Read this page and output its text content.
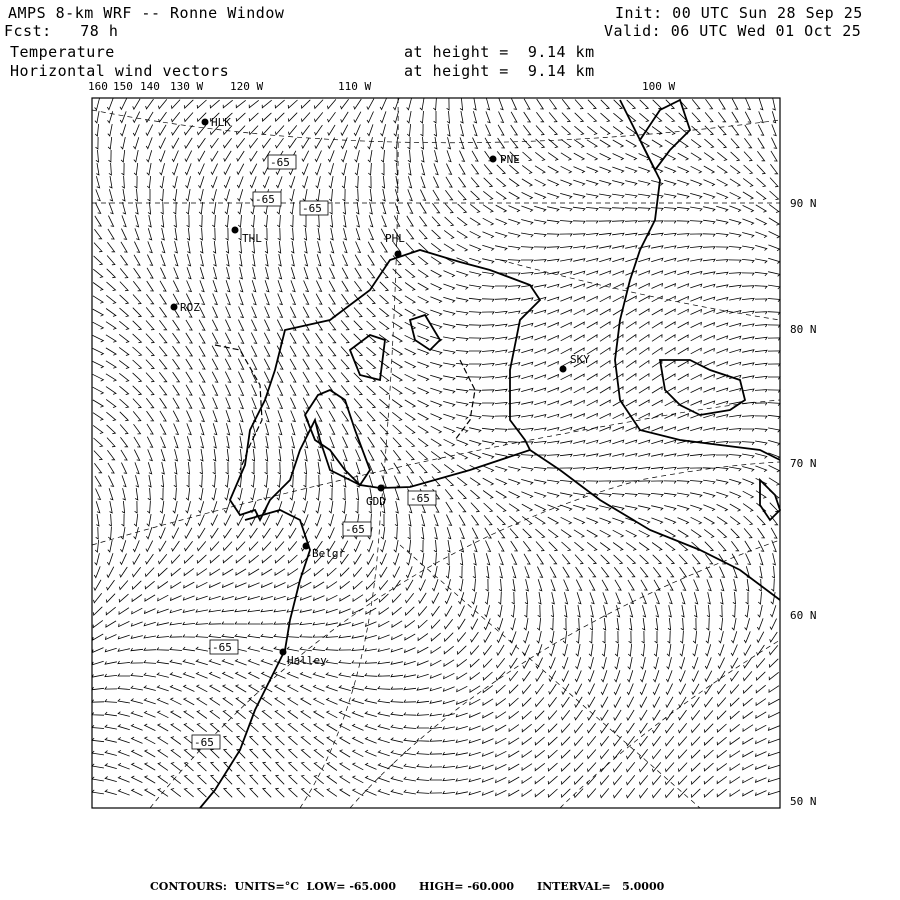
AMPS 8-km WRF -- Ronne Window
Fcst:   78 h
Temperature
Horizontal wind vectors
Init: 00 UTC Sun 28 Sep 25
Valid: 06 UTC Wed 01 Oct 25
at height =  9.14 km
at height =  9.14 km
160 150 140 130 W 120 W	110 W	100 W
90 N
80 N
70 N
60 N
50 N
HLK
PNE
THL	PHL
ROZ
SKY
GDD
Belgr
Halley
-65
-65
-65
-65
-65
-65
-65
CONTOURS:  UNITS=°C  LOW= -65.000      HIGH= -60.000      INTERVAL=   5.0000
